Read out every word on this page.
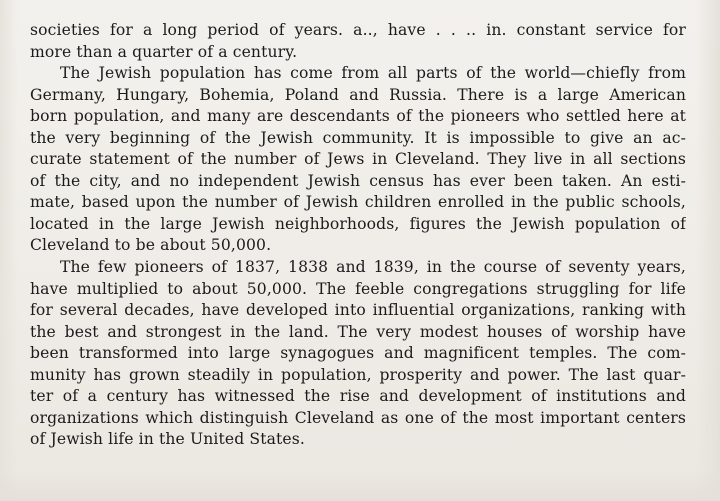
societies for a long period of years. a.., have . . .. in. constant service for
more than a quarter of a century.
The Jewish population has come from all parts of the world—chiefly from
Germany, Hungary, Bohemia, Poland and Russia. There is a large American
born population, and many are descendants of the pioneers who settled here at
the very beginning of the Jewish community. It is impossible to give an ac-
curate statement of the number of Jews in Cleveland. They live in all sections
of the city, and no independent Jewish census has ever been taken. An esti-
mate, based upon the number of Jewish children enrolled in the public schools,
located in the large Jewish neighborhoods, figures the Jewish population of
Cleveland to be about 50,000.
The few pioneers of 1837, 1838 and 1839, in the course of seventy years,
have multiplied to about 50,000. The feeble congregations struggling for life
for several decades, have developed into influential organizations, ranking with
the best and strongest in the land. The very modest houses of worship have
been transformed into large synagogues and magnificent temples. The com-
munity has grown steadily in population, prosperity and power. The last quar-
ter of a century has witnessed the rise and development of institutions and
organizations which distinguish Cleveland as one of the most important centers
of Jewish life in the United States.
